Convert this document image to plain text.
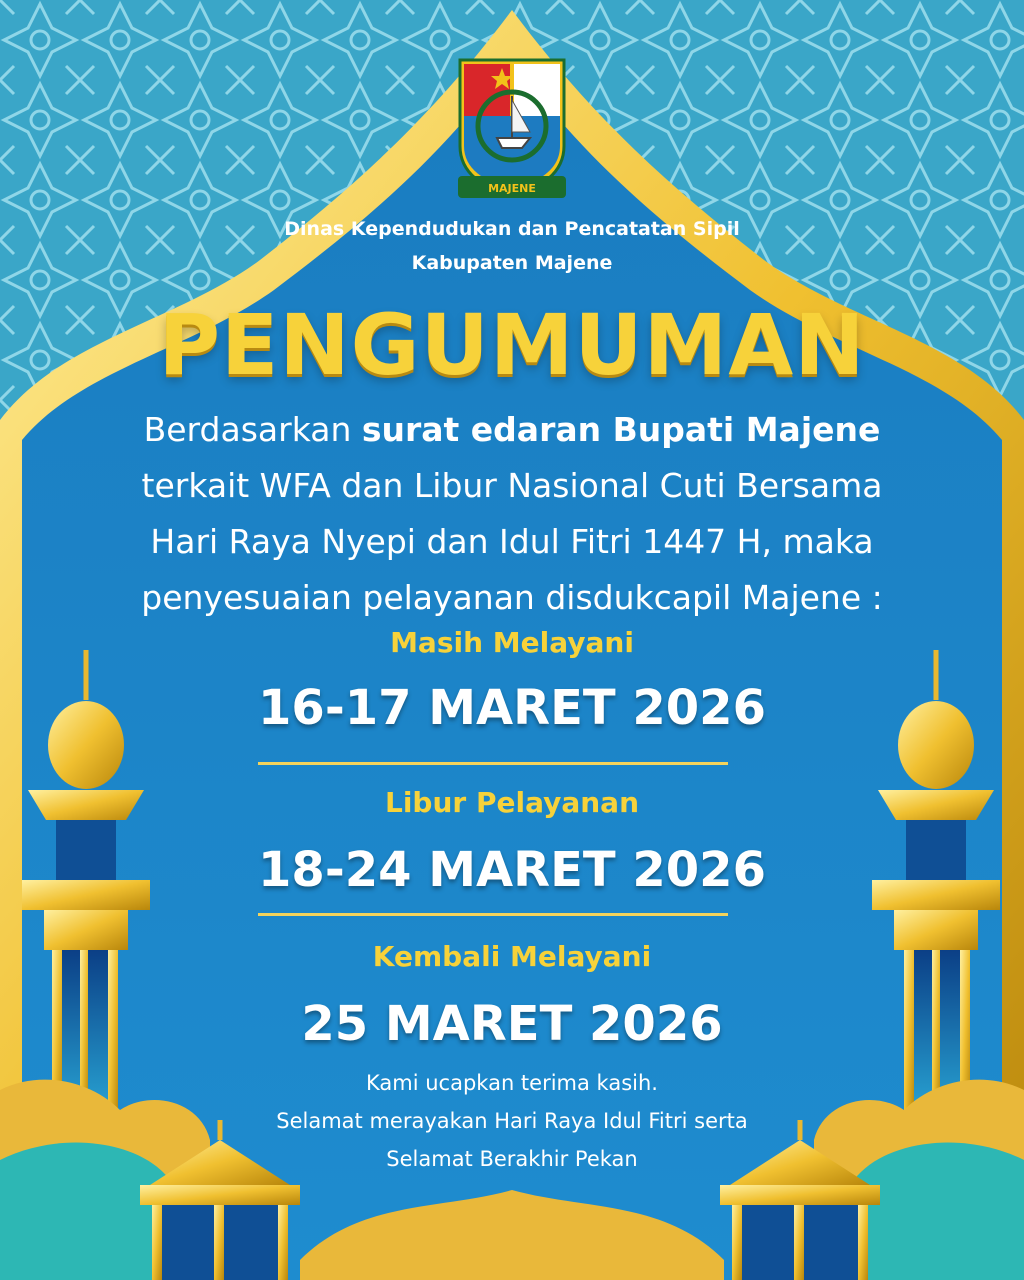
MAJENE

Dinas Kependudukan dan Pencatatan Sipil

Kabupaten Majene

PENGUMUMAN

Berdasarkan surat edaran Bupati Majene terkait WFA dan Libur Nasional Cuti Bersama Hari Raya Nyepi dan Idul Fitri 1447 H, maka penyesuaian pelayanan disdukcapil Majene :

Masih Melayani

16-17 MARET 2026

Libur Pelayanan

18-24 MARET 2026

Kembali Melayani

25 MARET 2026

Kami ucapkan terima kasih.

Selamat merayakan Hari Raya Idul Fitri serta

Selamat Berakhir Pekan
